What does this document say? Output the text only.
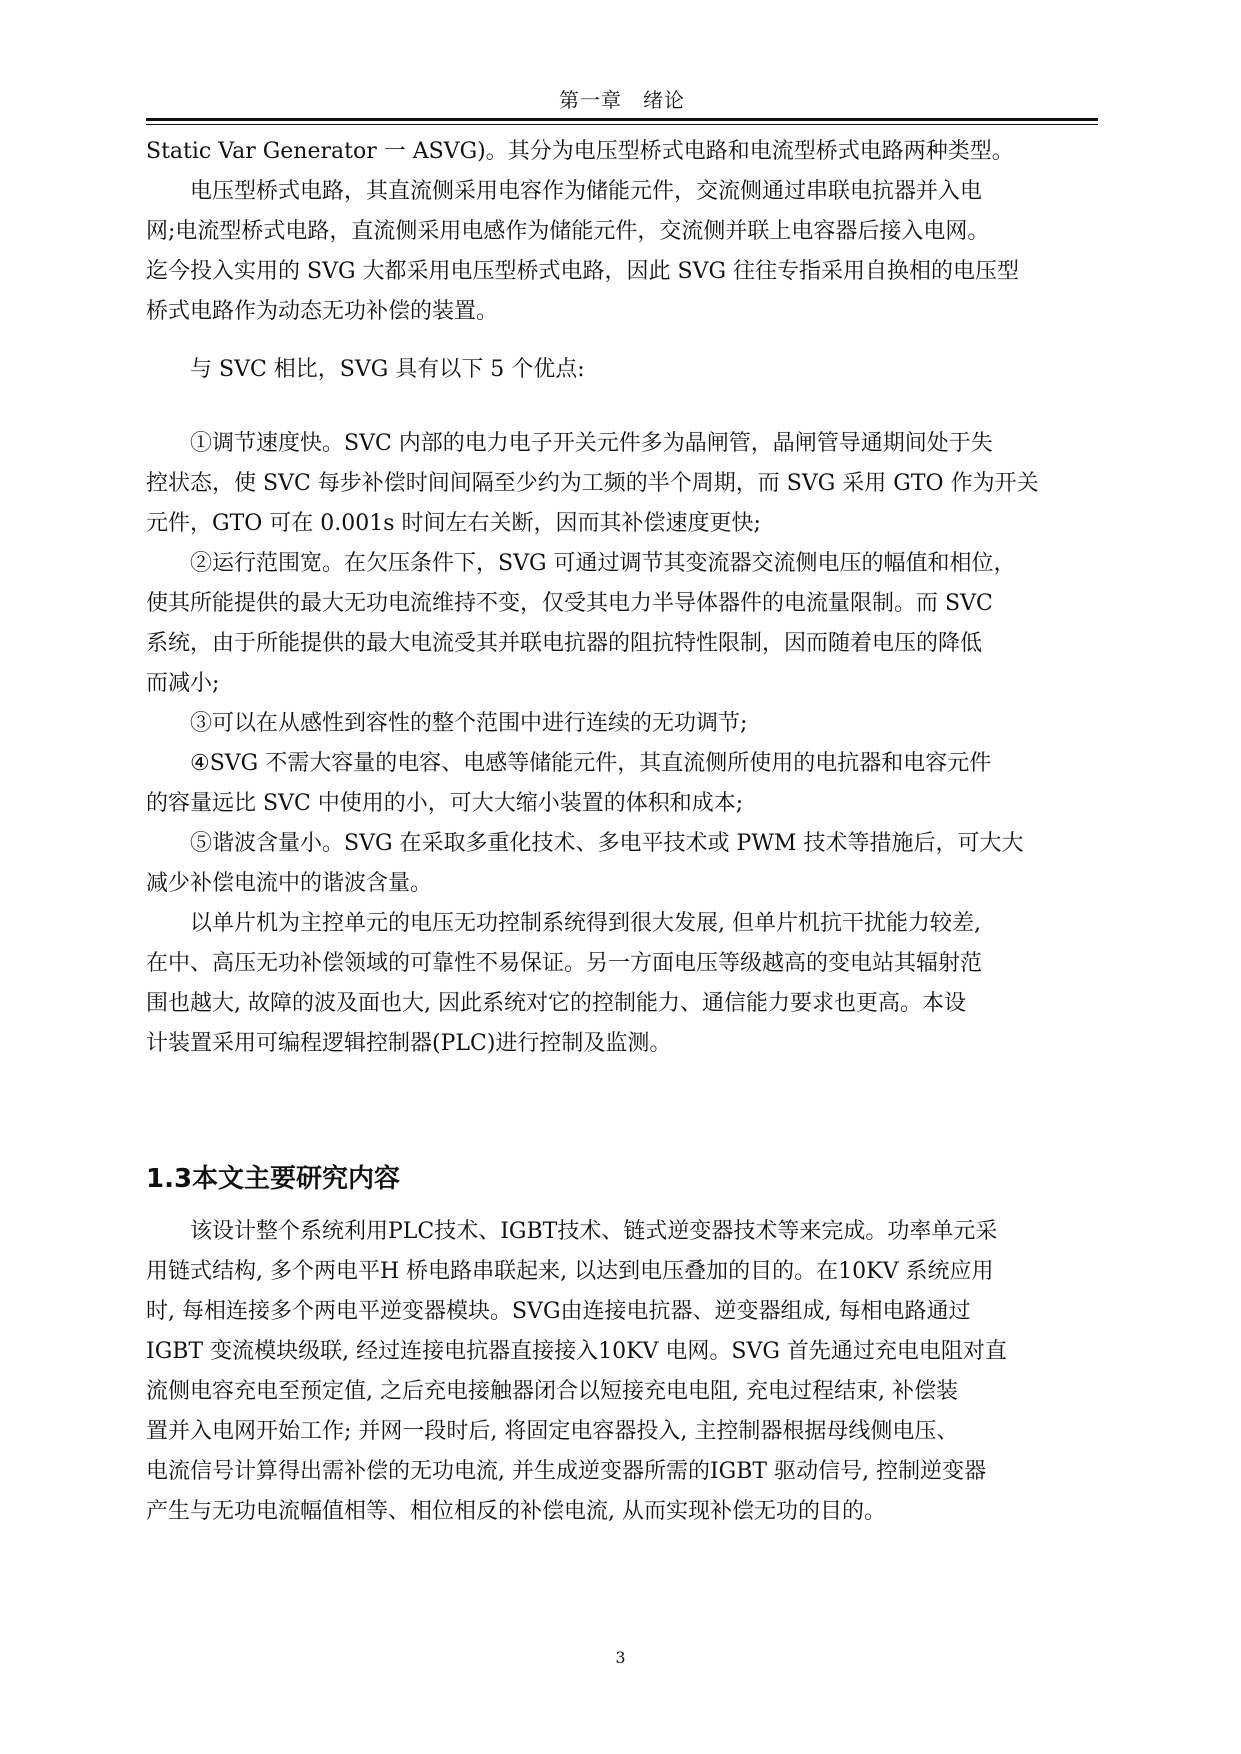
第一章　绪论
Static Var Generator 一 ASVG)。其分为电压型桥式电路和电流型桥式电路两种类型。
电压型桥式电路，其直流侧采用电容作为储能元件，交流侧通过串联电抗器并入电
网;电流型桥式电路，直流侧采用电感作为储能元件，交流侧并联上电容器后接入电网。
迄今投入实用的 SVG 大都采用电压型桥式电路，因此 SVG 往往专指采用自换相的电压型
桥式电路作为动态无功补偿的装置。
与 SVC 相比，SVG 具有以下 5 个优点:
①调节速度快。SVC 内部的电力电子开关元件多为晶闸管，晶闸管导通期间处于失
控状态，使 SVC 每步补偿时间间隔至少约为工频的半个周期，而 SVG 采用 GTO 作为开关
元件，GTO 可在 0.001s 时间左右关断，因而其补偿速度更快;
②运行范围宽。在欠压条件下，SVG 可通过调节其变流器交流侧电压的幅值和相位，
使其所能提供的最大无功电流维持不变，仅受其电力半导体器件的电流量限制。而 SVC
系统，由于所能提供的最大电流受其并联电抗器的阻抗特性限制，因而随着电压的降低
而减小;
③可以在从感性到容性的整个范围中进行连续的无功调节;
④SVG 不需大容量的电容、电感等储能元件，其直流侧所使用的电抗器和电容元件
的容量远比 SVC 中使用的小，可大大缩小装置的体积和成本;
⑤谐波含量小。SVG 在采取多重化技术、多电平技术或 PWM 技术等措施后，可大大
减少补偿电流中的谐波含量。
以单片机为主控单元的电压无功控制系统得到很大发展, 但单片机抗干扰能力较差,
在中、高压无功补偿领域的可靠性不易保证。另一方面电压等级越高的变电站其辐射范
围也越大, 故障的波及面也大, 因此系统对它的控制能力、通信能力要求也更高。本设
计装置采用可编程逻辑控制器(PLC)进行控制及监测。
1.3本文主要研究内容
该设计整个系统利用PLC技术、IGBT技术、链式逆变器技术等来完成。功率单元采
用链式结构, 多个两电平H 桥电路串联起来, 以达到电压叠加的目的。在10KV 系统应用
时, 每相连接多个两电平逆变器模块。SVG由连接电抗器、逆变器组成, 每相电路通过
IGBT 变流模块级联, 经过连接电抗器直接接入10KV 电网。SVG 首先通过充电电阻对直
流侧电容充电至预定值, 之后充电接触器闭合以短接充电电阻, 充电过程结束, 补偿装
置并入电网开始工作; 并网一段时后, 将固定电容器投入, 主控制器根据母线侧电压、
电流信号计算得出需补偿的无功电流, 并生成逆变器所需的IGBT 驱动信号, 控制逆变器
产生与无功电流幅值相等、相位相反的补偿电流, 从而实现补偿无功的目的。
3
